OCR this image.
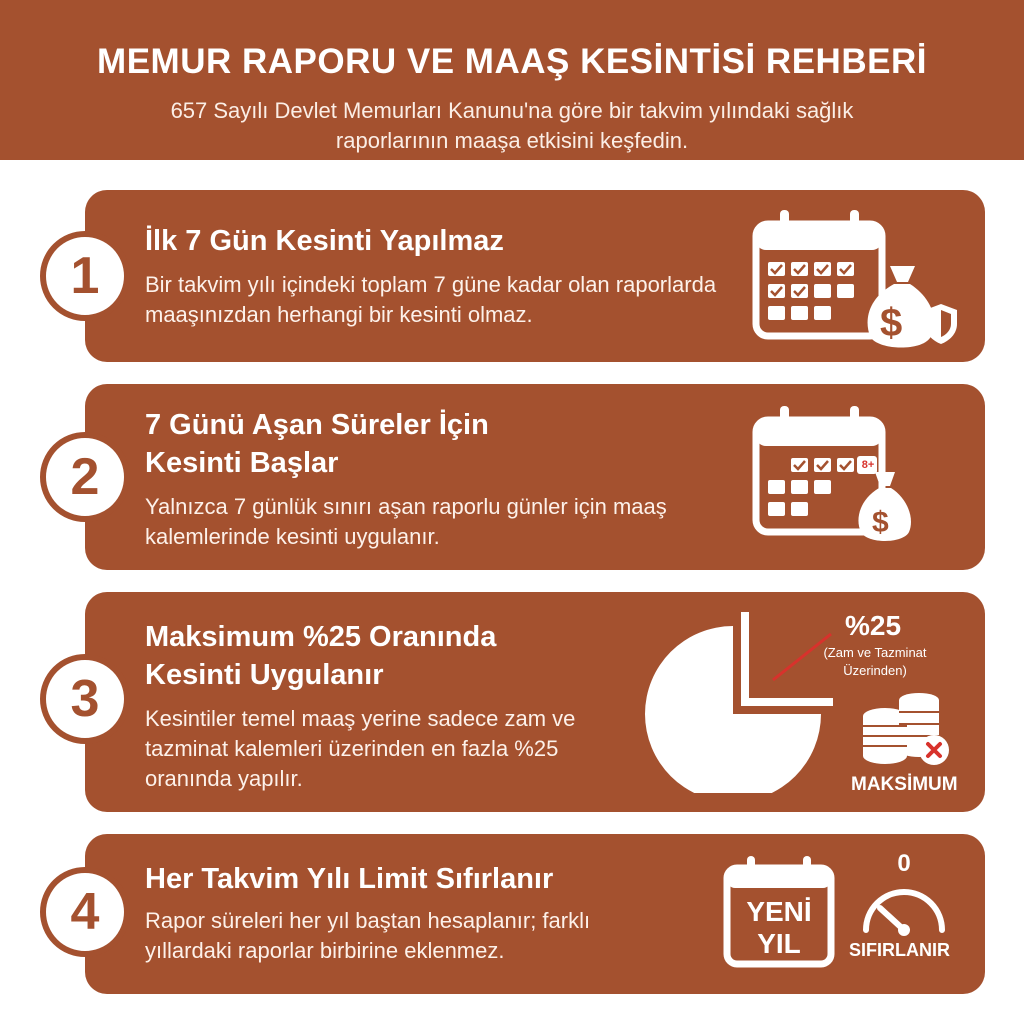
MEMUR RAPORU VE MAAŞ KESİNTİSİ REHBERİ
657 Sayılı Devlet Memurları Kanunu'na göre bir takvim yılındaki sağlık raporlarının maaşa etkisini keşfedin.
İlk 7 Gün Kesinti Yapılmaz

Bir takvim yılı içindeki toplam 7 güne kadar olan raporlarda maaşınızdan herhangi bir kesinti olmaz.	$
1
7 Günü Aşan Süreler İçin Kesinti Başlar

Yalnızca 7 günlük sınırı aşan raporlu günler için maaş kalemlerinde kesinti uygulanır.

8+
$
2
Maksimum %25 Oranında Kesinti Uygulanır

Kesintiler temel maaş yerine sadece zam ve tazminat kalemleri üzerinden en fazla %25 oranında yapılır.

%25
(Zam ve Tazminat Üzerinden)
MAKSİMUM
3
Her Takvim Yılı Limit Sıfırlanır

Rapor süreleri her yıl baştan hesaplanır; farklı yıllardaki raporlar birbirine eklenmez.

YENİ
YIL
0
SIFIRLANIR
4
